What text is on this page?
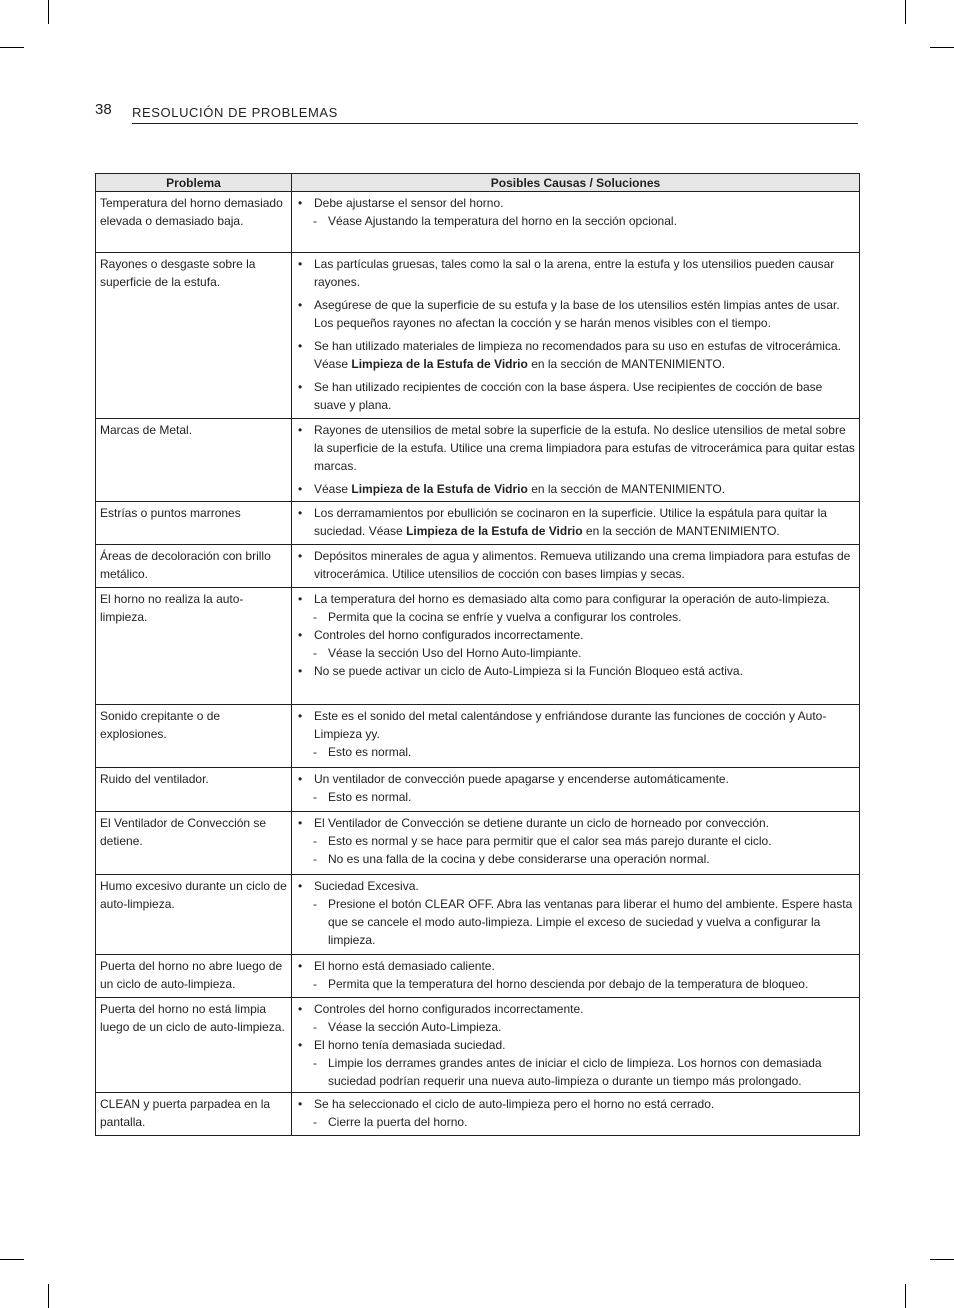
38 RESOLUCIÓN DE PROBLEMAS
Problema	Posibles Causas / Soluciones
Temperatura del horno demasiado elevada o demasiado baja.	• Debe ajustarse el sensor del horno.
- Véase Ajustando la temperatura del horno en la sección opcional.

Rayones o desgaste sobre la superficie de la estufa.	• Las partículas gruesas, tales como la sal o la arena, entre la estufa y los utensilios pueden causar rayones.
• Asegúrese de que la superficie de su estufa y la base de los utensilios estén limpias antes de usar. Los pequeños rayones no afectan la cocción y se harán menos visibles con el tiempo.
• Se han utilizado materiales de limpieza no recomendados para su uso en estufas de vitrocerámica. Véase Limpieza de la Estufa de Vidrio en la sección de MANTENIMIENTO.
• Se han utilizado recipientes de cocción con la base áspera. Use recipientes de cocción de base suave y plana.

Marcas de Metal.	• Rayones de utensilios de metal sobre la superficie de la estufa. No deslice utensilios de metal sobre la superficie de la estufa. Utilice una crema limpiadora para estufas de vitrocerámica para quitar estas marcas.
• Véase Limpieza de la Estufa de Vidrio en la sección de MANTENIMIENTO.

Estrías o puntos marrones	• Los derramamientos por ebullición se cocinaron en la superficie. Utilice la espátula para quitar la suciedad. Véase Limpieza de la Estufa de Vidrio en la sección de MANTENIMIENTO.

Áreas de decoloración con brillo metálico.	• Depósitos minerales de agua y alimentos. Remueva utilizando una crema limpiadora para estufas de vitrocerámica. Utilice utensilios de cocción con bases limpias y secas.

El horno no realiza la auto-limpieza.	• La temperatura del horno es demasiado alta como para configurar la operación de auto-limpieza.
- Permita que la cocina se enfríe y vuelva a configurar los controles.
• Controles del horno configurados incorrectamente.
- Véase la sección Uso del Horno Auto-limpiante.
• No se puede activar un ciclo de Auto-Limpieza si la Función Bloqueo está activa.

Sonido crepitante o de explosiones.	• Este es el sonido del metal calentándose y enfriándose durante las funciones de cocción y Auto-Limpieza yy.
- Esto es normal.

Ruido del ventilador.	• Un ventilador de convección puede apagarse y encenderse automáticamente.
- Esto es normal.

El Ventilador de Convección se detiene.	• El Ventilador de Convección se detiene durante un ciclo de horneado por convección.
- Esto es normal y se hace para permitir que el calor sea más parejo durante el ciclo.
- No es una falla de la cocina y debe considerarse una operación normal.

Humo excesivo durante un ciclo de auto-limpieza.	• Suciedad Excesiva.
- Presione el botón CLEAR OFF. Abra las ventanas para liberar el humo del ambiente. Espere hasta que se cancele el modo auto-limpieza. Limpie el exceso de suciedad y vuelva a configurar la limpieza.

Puerta del horno no abre luego de un ciclo de auto-limpieza.	• El horno está demasiado caliente.
- Permita que la temperatura del horno descienda por debajo de la temperatura de bloqueo.

Puerta del horno no está limpia luego de un ciclo de auto-limpieza.	• Controles del horno configurados incorrectamente.
- Véase la sección Auto-Limpieza.
• El horno tenía demasiada suciedad.
- Limpie los derrames grandes antes de iniciar el ciclo de limpieza. Los hornos con demasiada suciedad podrían requerir una nueva auto-limpieza o durante un tiempo más prolongado.

CLEAN y puerta parpadea en la pantalla.	• Se ha seleccionado el ciclo de auto-limpieza pero el horno no está cerrado.
- Cierre la puerta del horno.
